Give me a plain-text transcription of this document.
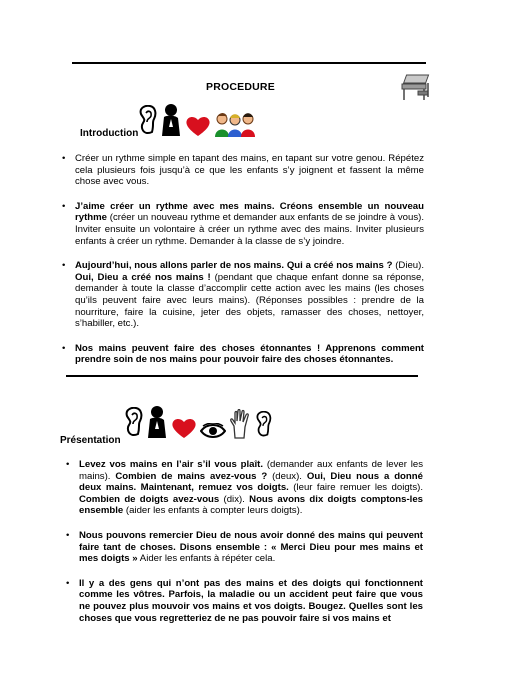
PROCEDURE
Introduction
• Créer un rythme simple en tapant des mains, en tapant sur votre genou. Répétez cela plusieurs fois jusqu’à ce que les enfants s’y joignent et fassent la même chose avec vous.
• J’aime créer un rythme avec mes mains. Créons ensemble un nouveau rythme (créer un nouveau rythme et demander aux enfants de se joindre à vous). Inviter ensuite un volontaire à créer un rythme avec des mains. Inviter plusieurs enfants à créer un rythme. Demander à la classe de s’y joindre.
• Aujourd’hui, nous allons parler de nos mains. Qui a créé nos mains ? (Dieu). Oui, Dieu a créé nos mains ! (pendant que chaque enfant donne sa réponse, demander à toute la classe d’accomplir cette action avec les mains (les choses qu’ils peuvent faire avec leurs mains). (Réponses possibles : prendre de la nourriture, faire la cuisine, jeter des objets, ramasser des choses, nettoyer, s’habiller, etc.).
• Nos mains peuvent faire des choses étonnantes ! Apprenons comment prendre soin de nos mains pour pouvoir faire des choses étonnantes.
Présentation
• Levez vos mains en l’air s’il vous plaît. (demander aux enfants de lever les mains). Combien de mains avez-vous ? (deux). Oui, Dieu nous a donné deux mains. Maintenant, remuez vos doigts. (leur faire remuer les doigts). Combien de doigts avez-vous (dix). Nous avons dix doigts comptons-les ensemble (aider les enfants à compter leurs doigts).
• Nous pouvons remercier Dieu de nous avoir donné des mains qui peuvent faire tant de choses. Disons ensemble : « Merci Dieu pour mes mains et mes doigts » Aider les enfants à répéter cela.
• Il y a des gens qui n’ont pas des mains et des doigts qui fonctionnent comme les vôtres. Parfois, la maladie ou un accident peut faire que vous ne pouvez plus mouvoir vos mains et vos doigts. Bougez. Quelles sont les choses que vous regretteriez de ne pas pouvoir faire si vos mains et
